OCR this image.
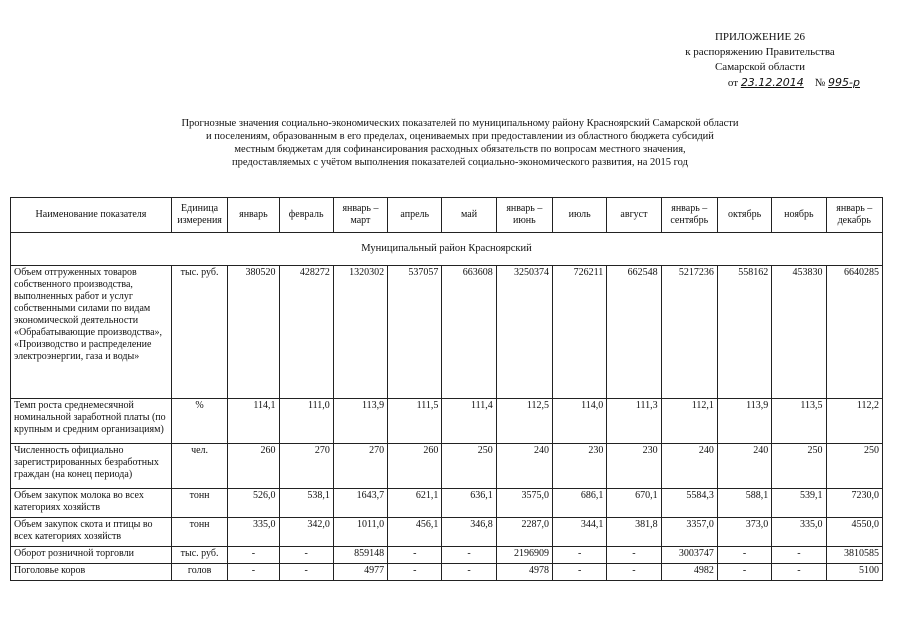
ПРИЛОЖЕНИЕ 26
к распоряжению Правительства
Самарской области
от 23.12.2014 № 995-р
Прогнозные значения социально-экономических показателей по муниципальному району Красноярский Самарской области
и поселениям, образованным в его пределах, оцениваемых при предоставлении из областного бюджета субсидий
местным бюджетам для софинансирования расходных обязательств по вопросам местного значения,
предоставляемых с учётом выполнения показателей социально-экономического развития, на 2015 год
Наименование показателя	Единица измерения	январь	февраль	январь – март	апрель	май	январь – июнь	июль	август	январь – сентябрь	октябрь	ноябрь	январь – декабрь
Муниципальный район Красноярский													
Объем отгруженных товаров собственного производства, выполненных работ и услуг собственными силами по видам экономической деятельности «Обрабатывающие производства», «Производство и распределение электроэнергии, газа и воды»	тыс. руб.	380520	428272	1320302	537057	663608	3250374	726211	662548	5217236	558162	453830	6640285
Темп роста среднемесячной номинальной заработной платы (по крупным и средним организациям)	%	114,1	111,0	113,9	111,5	111,4	112,5	114,0	111,3	112,1	113,9	113,5	112,2
Численность официально зарегистрированных безработных граждан (на конец периода)	чел.	260	270	270	260	250	240	230	230	240	240	250	250
Объем закупок молока во всех категориях хозяйств	тонн	526,0	538,1	1643,7	621,1	636,1	3575,0	686,1	670,1	5584,3	588,1	539,1	7230,0
Объем закупок скота и птицы во всех категориях хозяйств	тонн	335,0	342,0	1011,0	456,1	346,8	2287,0	344,1	381,8	3357,0	373,0	335,0	4550,0
Оборот розничной торговли	тыс. руб.	-	-	859148	-	-	2196909	-	-	3003747	-	-	3810585
Поголовье коров	голов	-	-	4977	-	-	4978	-	-	4982	-	-	5100
